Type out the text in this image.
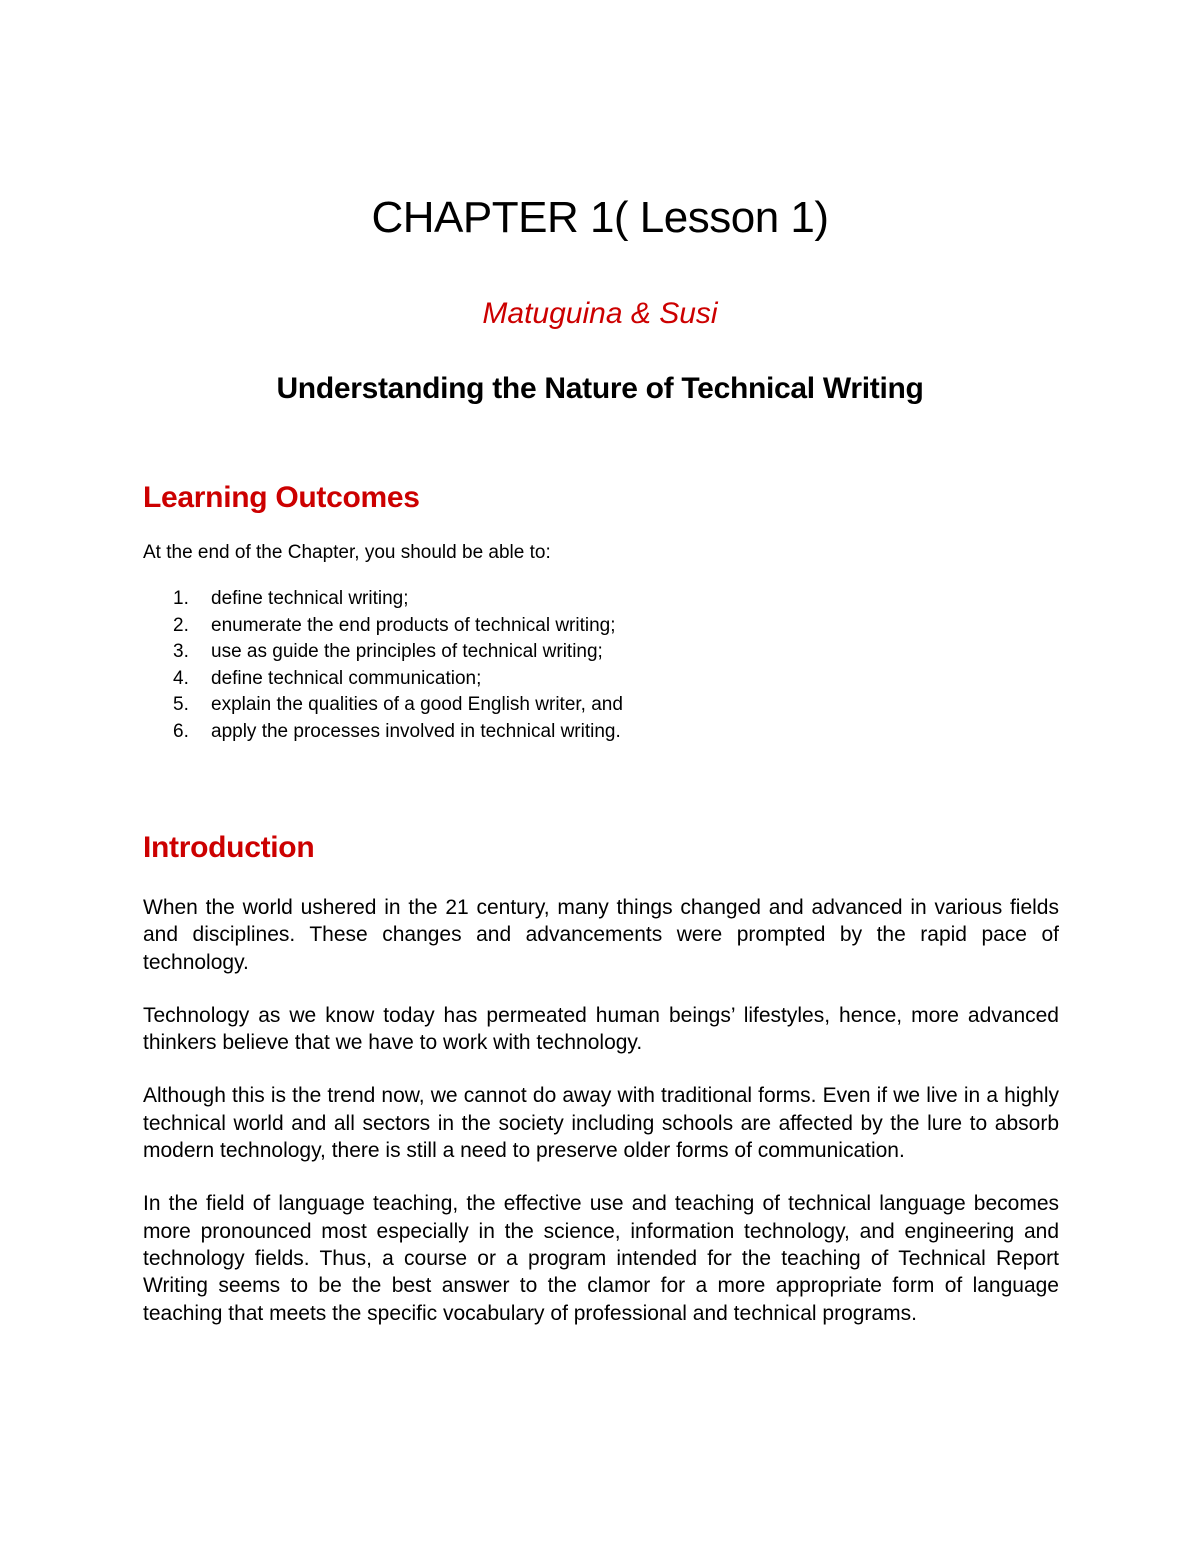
CHAPTER 1( Lesson 1)

Matuguina & Susi

Understanding the Nature of Technical Writing
Learning Outcomes

At the end of the Chapter, you should be able to:

1.	define technical writing;
2.	enumerate the end products of technical writing;
3.	use as guide the principles of technical writing;
4.	define technical communication;
5.	explain the qualities of a good English writer, and
6.	apply the processes involved in technical writing.
Introduction

When the world ushered in the 21 century, many things changed and advanced in various fields and disciplines. These changes and advancements were prompted by the rapid pace of technology.

Technology as we know today has permeated human beings’ lifestyles, hence, more advanced thinkers believe that we have to work with technology.

Although this is the trend now, we cannot do away with traditional forms. Even if we live in a highly technical world and all sectors in the society including schools are affected by the lure to absorb modern technology, there is still a need to preserve older forms of communication.

In the field of language teaching, the effective use and teaching of technical language becomes more pronounced most especially in the science, information technology, and engineering and technology fields. Thus, a course or a program intended for the teaching of Technical Report Writing seems to be the best answer to the clamor for a more appropriate form of language teaching that meets the specific vocabulary of professional and technical programs.
